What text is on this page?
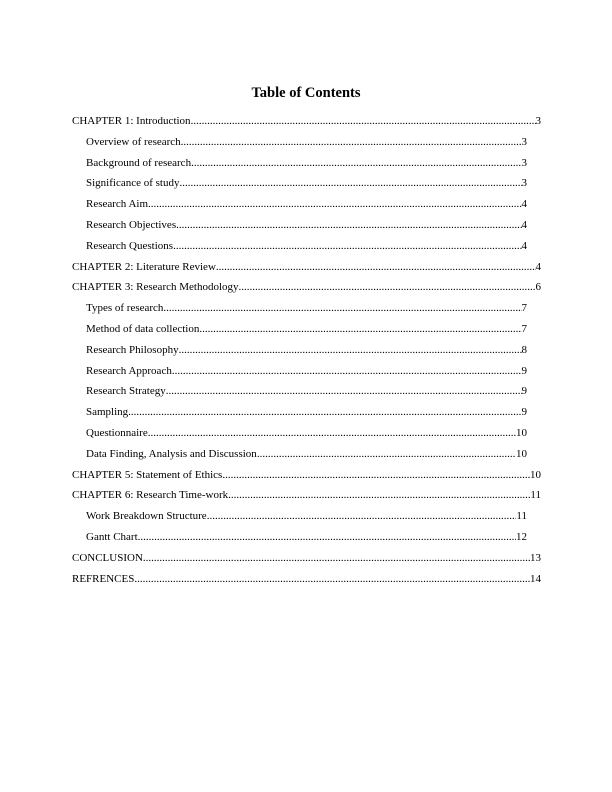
Table of Contents
CHAPTER 1: Introduction .....	3
Overview of research .....	3
Background of research .....	3
Significance of study .....	3
Research Aim .....	4
Research Objectives .....	4
Research Questions .....	4
CHAPTER 2: Literature Review .....	4
CHAPTER 3: Research Methodology .....	6
Types of research .....	7
Method of data collection .....	7
Research Philosophy .....	8
Research Approach .....	9
Research Strategy .....	9
Sampling .....	9
Questionnaire .....	10
Data Finding, Analysis and Discussion .....	10
CHAPTER 5: Statement of Ethics .....	10
CHAPTER 6: Research Time-work .....	11
Work Breakdown Structure .....	11
Gantt Chart .....	12
CONCLUSION .....	13
REFRENCES .....	14
